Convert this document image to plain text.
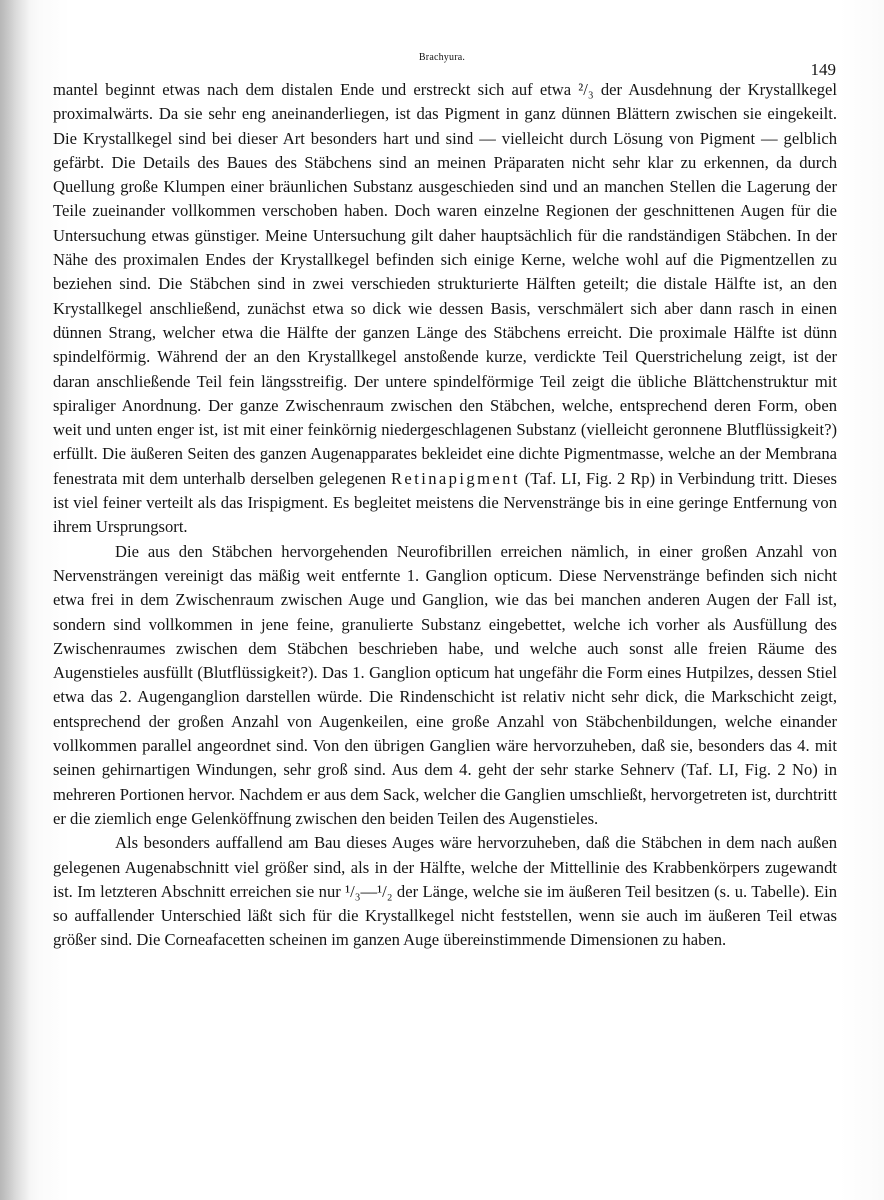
Brachyura.
149

mantel beginnt etwas nach dem distalen Ende und erstreckt sich auf etwa ²/₃ der Ausdehnung der Krystallkegel proximalwärts. Da sie sehr eng aneinanderliegen, ist das Pigment in ganz dünnen Blättern zwischen sie eingekeilt. Die Krystallkegel sind bei dieser Art besonders hart und sind — vielleicht durch Lösung von Pigment — gelblich gefärbt. Die Details des Baues des Stäbchens sind an meinen Präparaten nicht sehr klar zu erkennen, da durch Quellung große Klumpen einer bräunlichen Substanz ausgeschieden sind und an manchen Stellen die Lagerung der Teile zueinander vollkommen verschoben haben. Doch waren einzelne Regionen der geschnittenen Augen für die Untersuchung etwas günstiger. Meine Untersuchung gilt daher hauptsächlich für die randständigen Stäbchen. In der Nähe des proximalen Endes der Krystallkegel befinden sich einige Kerne, welche wohl auf die Pigmentzellen zu beziehen sind. Die Stäbchen sind in zwei verschieden strukturierte Hälften geteilt; die distale Hälfte ist, an den Krystallkegel anschließend, zunächst etwa so dick wie dessen Basis, verschmälert sich aber dann rasch in einen dünnen Strang, welcher etwa die Hälfte der ganzen Länge des Stäbchens erreicht. Die proximale Hälfte ist dünn spindelförmig. Während der an den Krystallkegel anstoßende kurze, verdickte Teil Querstrichelung zeigt, ist der daran anschließende Teil fein längsstreifig. Der untere spindelförmige Teil zeigt die übliche Blättchenstruktur mit spiraliger Anordnung. Der ganze Zwischenraum zwischen den Stäbchen, welche, entsprechend deren Form, oben weit und unten enger ist, ist mit einer feinkörnig niedergeschlagenen Substanz (vielleicht geronnene Blutflüssigkeit?) erfüllt. Die äußeren Seiten des ganzen Augenapparates bekleidet eine dichte Pigmentmasse, welche an der Membrana fenestrata mit dem unterhalb derselben gelegenen Retinapigment (Taf. LI, Fig. 2 Rp) in Verbindung tritt. Dieses ist viel feiner verteilt als das Irispigment. Es begleitet meistens die Nervenstränge bis in eine geringe Entfernung von ihrem Ursprungsort.

Die aus den Stäbchen hervorgehenden Neurofibrillen erreichen nämlich, in einer großen Anzahl von Nervensträngen vereinigt das mäßig weit entfernte 1. Ganglion opticum. Diese Nervenstränge befinden sich nicht etwa frei in dem Zwischenraum zwischen Auge und Ganglion, wie das bei manchen anderen Augen der Fall ist, sondern sind vollkommen in jene feine, granulierte Substanz eingebettet, welche ich vorher als Ausfüllung des Zwischenraumes zwischen dem Stäbchen beschrieben habe, und welche auch sonst alle freien Räume des Augenstieles ausfüllt (Blutflüssigkeit?). Das 1. Ganglion opticum hat ungefähr die Form eines Hutpilzes, dessen Stiel etwa das 2. Augenganglion darstellen würde. Die Rindenschicht ist relativ nicht sehr dick, die Markschicht zeigt, entsprechend der großen Anzahl von Augenkeilen, eine große Anzahl von Stäbchenbildungen, welche einander vollkommen parallel angeordnet sind. Von den übrigen Ganglien wäre hervorzuheben, daß sie, besonders das 4. mit seinen gehirnartigen Windungen, sehr groß sind. Aus dem 4. geht der sehr starke Sehnerv (Taf. LI, Fig. 2 No) in mehreren Portionen hervor. Nachdem er aus dem Sack, welcher die Ganglien umschließt, hervorgetreten ist, durchtritt er die ziemlich enge Gelenköffnung zwischen den beiden Teilen des Augenstieles.

Als besonders auffallend am Bau dieses Auges wäre hervorzuheben, daß die Stäbchen in dem nach außen gelegenen Augenabschnitt viel größer sind, als in der Hälfte, welche der Mittellinie des Krabbenkörpers zugewandt ist. Im letzteren Abschnitt erreichen sie nur ¹/₃—¹/₂ der Länge, welche sie im äußeren Teil besitzen (s. u. Tabelle). Ein so auffallender Unterschied läßt sich für die Krystallkegel nicht feststellen, wenn sie auch im äußeren Teil etwas größer sind. Die Corneafacetten scheinen im ganzen Auge übereinstimmende Dimensionen zu haben.
